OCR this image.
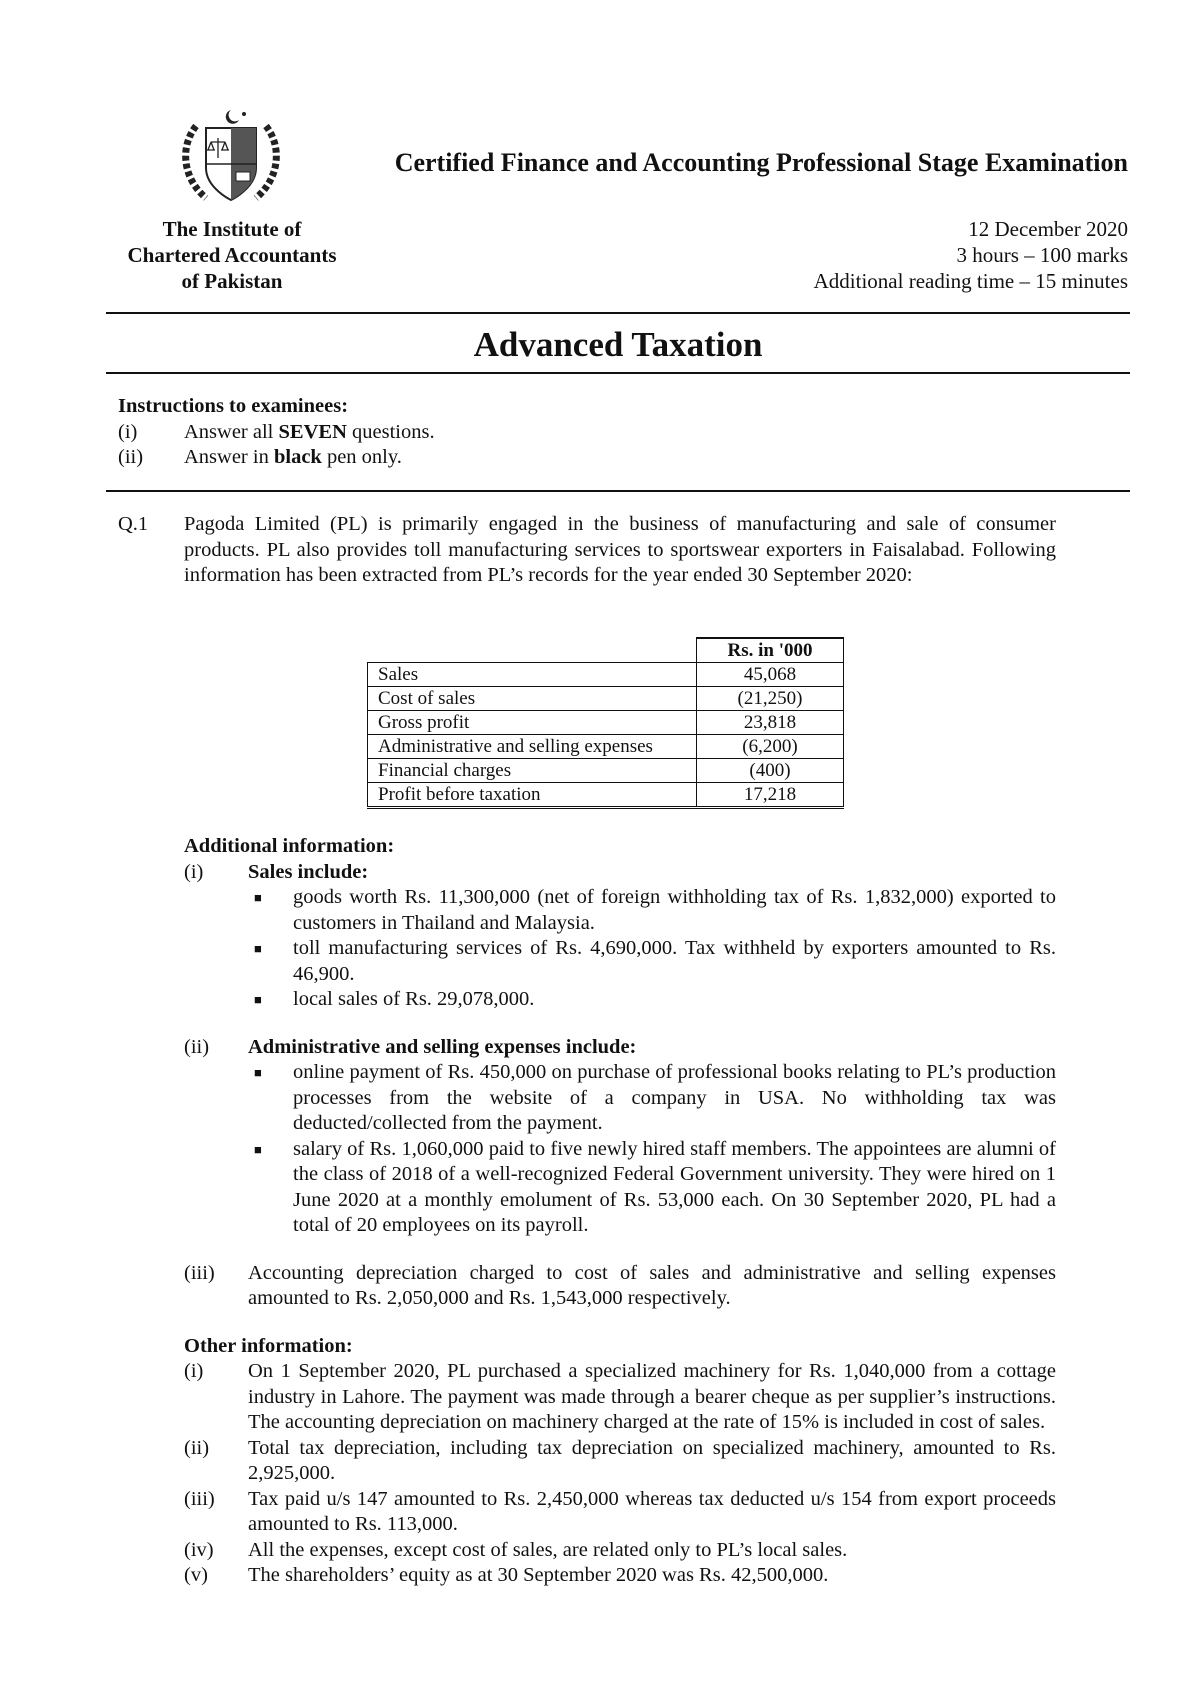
Certified Finance and Accounting Professional Stage Examination
The Institute of
Chartered Accountants
of Pakistan
12 December 2020
3 hours – 100 marks
Additional reading time – 15 minutes
Advanced Taxation
Instructions to examinees:
(i)	Answer all SEVEN questions.
(ii)	Answer in black pen only.
Q.1 Pagoda Limited (PL) is primarily engaged in the business of manufacturing and sale of consumer products. PL also provides toll manufacturing services to sportswear exporters in Faisalabad. Following information has been extracted from PL’s records for the year ended 30 September 2020:
	Rs. in '000
Sales	45,068
Cost of sales	(21,250)
Gross profit	23,818
Administrative and selling expenses	(6,200)
Financial charges	(400)
Profit before taxation	17,218
Additional information:
(i)	Sales include:
■	goods worth Rs. 11,300,000 (net of foreign withholding tax of Rs. 1,832,000) exported to customers in Thailand and Malaysia.
■	toll manufacturing services of Rs. 4,690,000. Tax withheld by exporters amounted to Rs. 46,900.
■	local sales of Rs. 29,078,000.
(ii)	Administrative and selling expenses include:
■	online payment of Rs. 450,000 on purchase of professional books relating to PL’s production processes from the website of a company in USA. No withholding tax was deducted/collected from the payment.
■	salary of Rs. 1,060,000 paid to five newly hired staff members. The appointees are alumni of the class of 2018 of a well-recognized Federal Government university. They were hired on 1 June 2020 at a monthly emolument of Rs. 53,000 each. On 30 September 2020, PL had a total of 20 employees on its payroll.
(iii)	Accounting depreciation charged to cost of sales and administrative and selling expenses amounted to Rs. 2,050,000 and Rs. 1,543,000 respectively.
Other information:
(i)	On 1 September 2020, PL purchased a specialized machinery for Rs. 1,040,000 from a cottage industry in Lahore. The payment was made through a bearer cheque as per supplier’s instructions. The accounting depreciation on machinery charged at the rate of 15% is included in cost of sales.
(ii)	Total tax depreciation, including tax depreciation on specialized machinery, amounted to Rs. 2,925,000.
(iii)	Tax paid u/s 147 amounted to Rs. 2,450,000 whereas tax deducted u/s 154 from export proceeds amounted to Rs. 113,000.
(iv)	All the expenses, except cost of sales, are related only to PL’s local sales.
(v)	The shareholders’ equity as at 30 September 2020 was Rs. 42,500,000.
